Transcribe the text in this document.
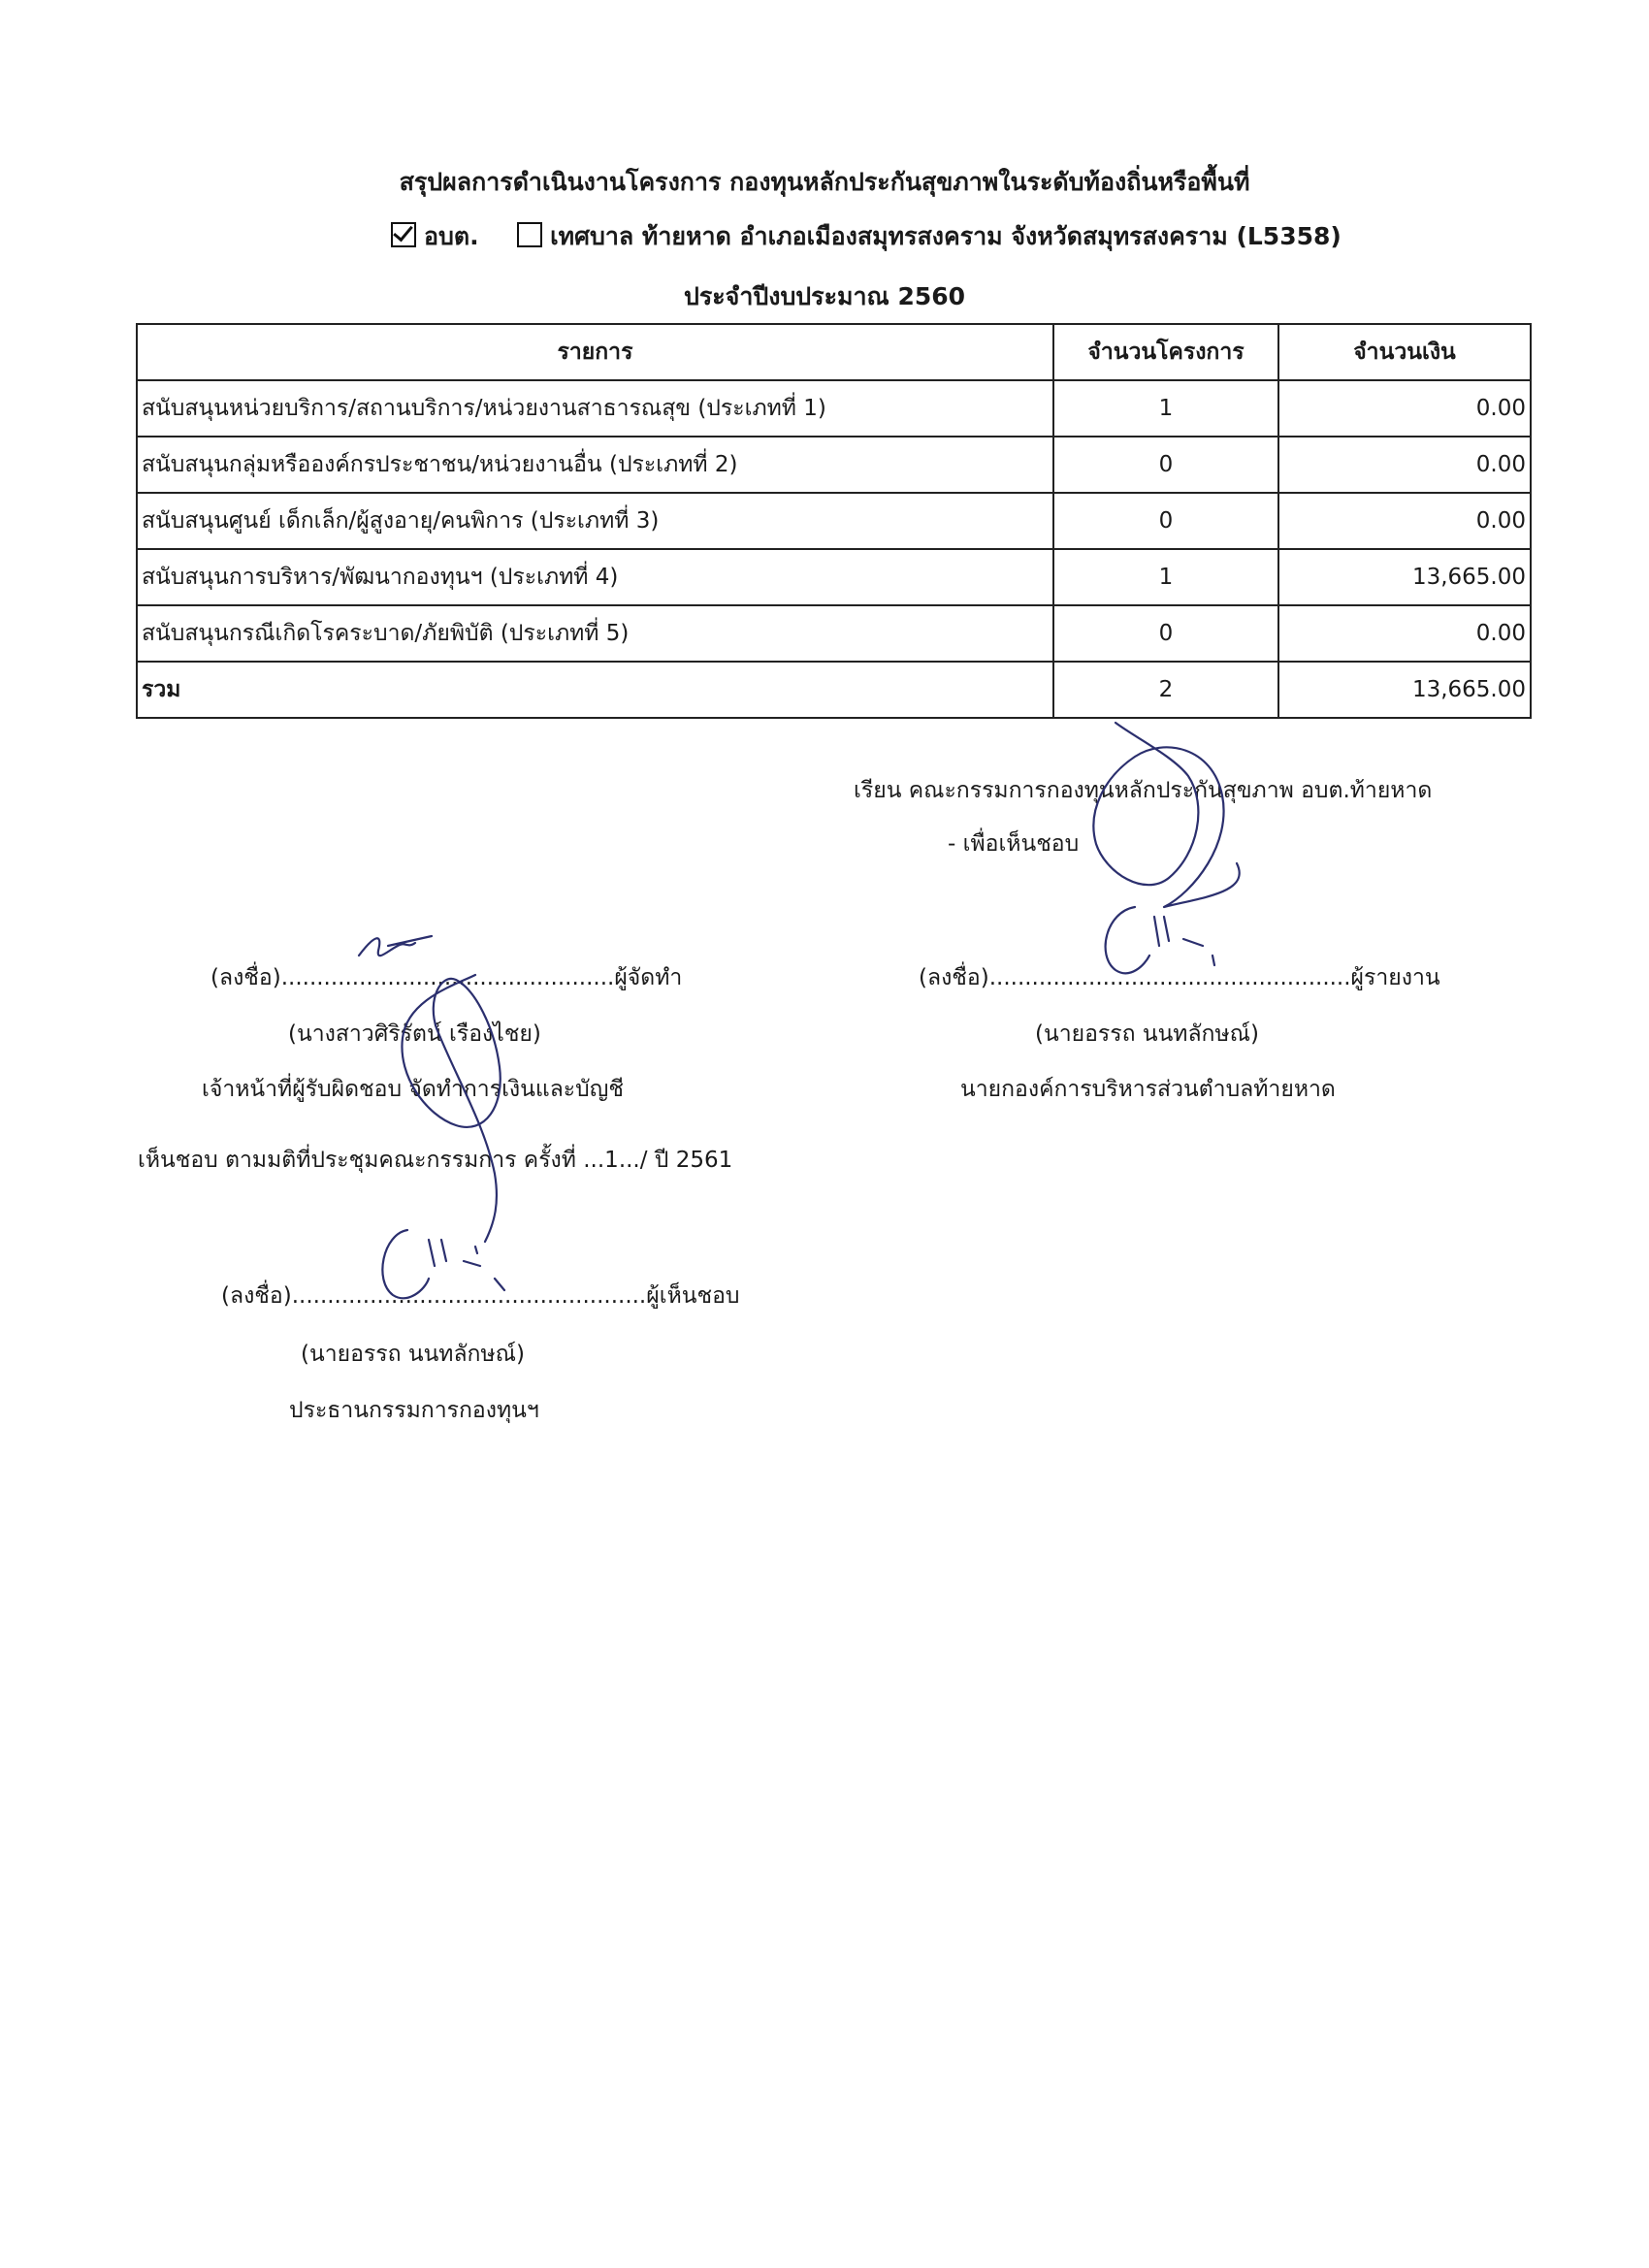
สรุปผลการดำเนินงานโครงการ กองทุนหลักประกันสุขภาพในระดับท้องถิ่นหรือพื้นที่
อบต.	เทศบาล ท้ายหาด อำเภอเมืองสมุทรสงคราม จังหวัดสมุทรสงคราม (L5358)
ประจำปีงบประมาณ 2560
รายการ	จำนวนโครงการ	จำนวนเงิน
สนับสนุนหน่วยบริการ/สถานบริการ/หน่วยงานสาธารณสุข (ประเภทที่ 1)	1	0.00
สนับสนุนกลุ่มหรือองค์กรประชาชน/หน่วยงานอื่น (ประเภทที่ 2)	0	0.00
สนับสนุนศูนย์ เด็กเล็ก/ผู้สูงอายุ/คนพิการ (ประเภทที่ 3)	0	0.00
สนับสนุนการบริหาร/พัฒนากองทุนฯ (ประเภทที่ 4)	1	13,665.00
สนับสนุนกรณีเกิดโรคระบาด/ภัยพิบัติ (ประเภทที่ 5)	0	0.00
รวม	2	13,665.00
เรียน คณะกรรมการกองทุนหลักประกันสุขภาพ อบต.ท้ายหาด
- เพื่อเห็นชอบ
(ลงชื่อ)...............................................ผู้จัดทำ
(นางสาวศิริรัตน์ เรืองไชย)
เจ้าหน้าที่ผู้รับผิดชอบ จัดทำการเงินและบัญชี
(ลงชื่อ)...................................................ผู้รายงาน
(นายอรรถ นนทลักษณ์)
นายกองค์การบริหารส่วนตำบลท้ายหาด
เห็นชอบ ตามมติที่ประชุมคณะกรรมการ ครั้งที่ ...1.../ ปี 2561
(ลงชื่อ)..................................................ผู้เห็นชอบ
(นายอรรถ นนทลักษณ์)
ประธานกรรมการกองทุนฯ
